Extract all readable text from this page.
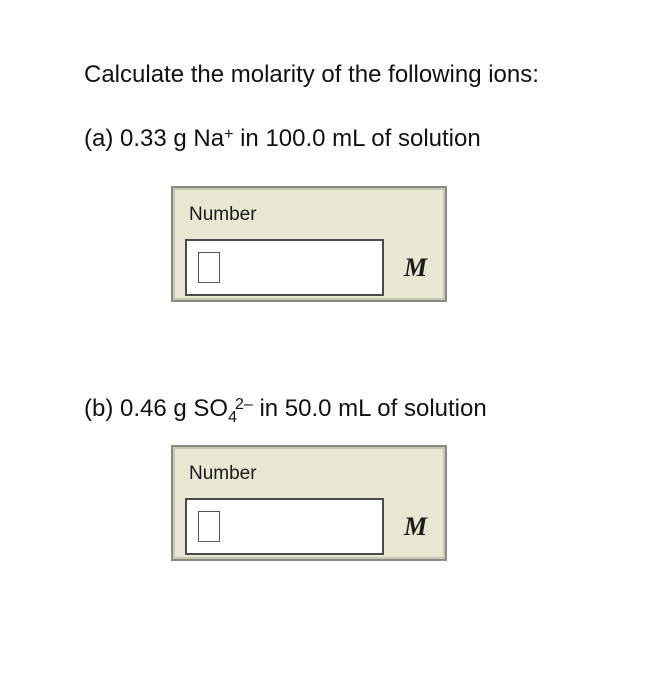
Calculate the molarity of the following ions:
(a) 0.33 g Na+ in 100.0 mL of solution
Number
M
(b) 0.46 g $SO_4^{2-}$ in 50.0 mL of solution
Number
M
